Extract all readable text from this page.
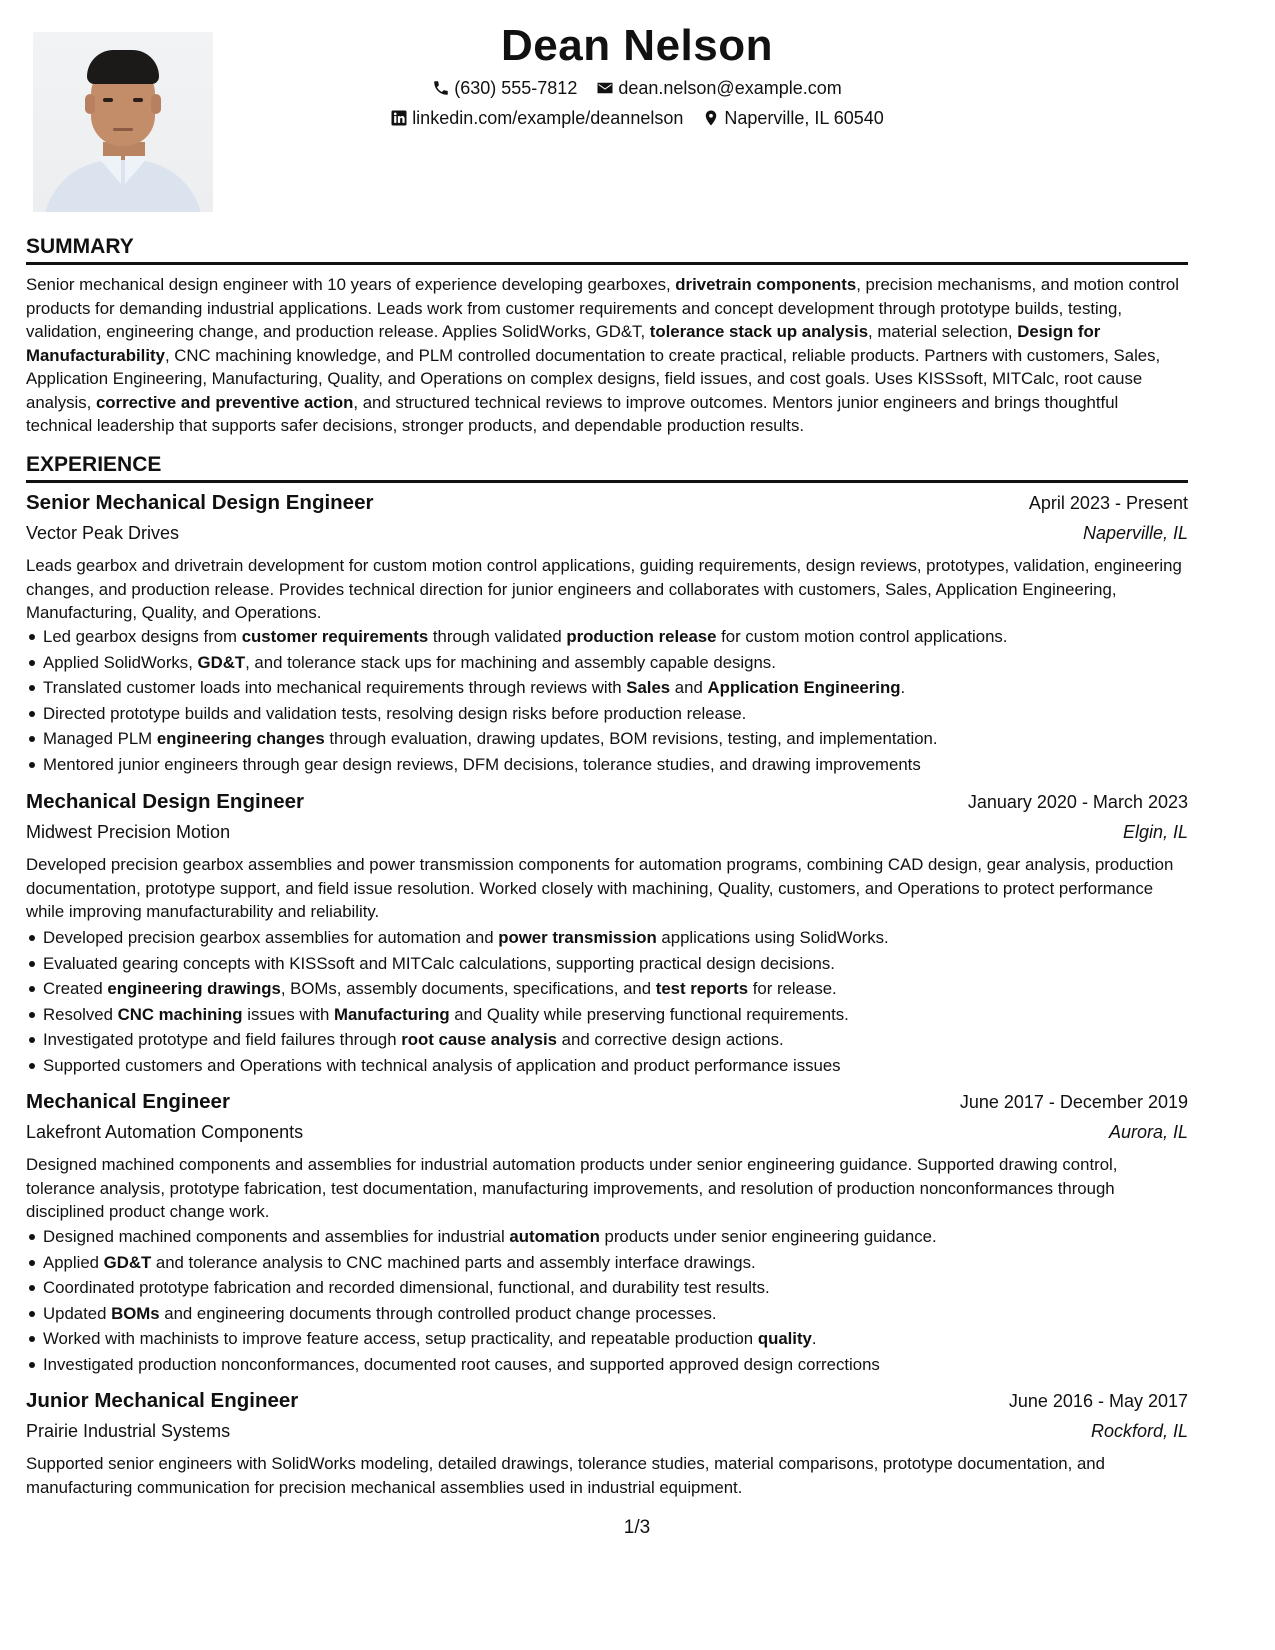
Dean Nelson
(630) 555-7812
dean.nelson@example.com
linkedin.com/example/deannelson
Naperville, IL 60540
SUMMARY

Senior mechanical design engineer with 10 years of experience developing gearboxes, drivetrain components, precision mechanisms, and motion control products for demanding industrial applications. Leads work from customer requirements and concept development through prototype builds, testing, validation, engineering change, and production release. Applies SolidWorks, GD&T, tolerance stack up analysis, material selection, Design for Manufacturability, CNC machining knowledge, and PLM controlled documentation to create practical, reliable products. Partners with customers, Sales, Application Engineering, Manufacturing, Quality, and Operations on complex designs, field issues, and cost goals. Uses KISSsoft, MITCalc, root cause analysis, corrective and preventive action, and structured technical reviews to improve outcomes. Mentors junior engineers and brings thoughtful technical leadership that supports safer decisions, stronger products, and dependable production results.

EXPERIENCE
Senior Mechanical Design Engineer	April 2023 - Present
Vector Peak Drives	Naperville, IL

Leads gearbox and drivetrain development for custom motion control applications, guiding requirements, design reviews, prototypes, validation, engineering changes, and production release. Provides technical direction for junior engineers and collaborates with customers, Sales, Application Engineering, Manufacturing, Quality, and Operations.

Led gearbox designs from customer requirements through validated production release for custom motion control applications.
Applied SolidWorks, GD&T, and tolerance stack ups for machining and assembly capable designs.
Translated customer loads into mechanical requirements through reviews with Sales and Application Engineering.
Directed prototype builds and validation tests, resolving design risks before production release.
Managed PLM engineering changes through evaluation, drawing updates, BOM revisions, testing, and implementation.
Mentored junior engineers through gear design reviews, DFM decisions, tolerance studies, and drawing improvements
Mechanical Design Engineer	January 2020 - March 2023
Midwest Precision Motion	Elgin, IL

Developed precision gearbox assemblies and power transmission components for automation programs, combining CAD design, gear analysis, production documentation, prototype support, and field issue resolution. Worked closely with machining, Quality, customers, and Operations to protect performance while improving manufacturability and reliability.

Developed precision gearbox assemblies for automation and power transmission applications using SolidWorks.
Evaluated gearing concepts with KISSsoft and MITCalc calculations, supporting practical design decisions.
Created engineering drawings, BOMs, assembly documents, specifications, and test reports for release.
Resolved CNC machining issues with Manufacturing and Quality while preserving functional requirements.
Investigated prototype and field failures through root cause analysis and corrective design actions.
Supported customers and Operations with technical analysis of application and product performance issues
Mechanical Engineer	June 2017 - December 2019
Lakefront Automation Components	Aurora, IL

Designed machined components and assemblies for industrial automation products under senior engineering guidance. Supported drawing control, tolerance analysis, prototype fabrication, test documentation, manufacturing improvements, and resolution of production nonconformances through disciplined product change work.

Designed machined components and assemblies for industrial automation products under senior engineering guidance.
Applied GD&T and tolerance analysis to CNC machined parts and assembly interface drawings.
Coordinated prototype fabrication and recorded dimensional, functional, and durability test results.
Updated BOMs and engineering documents through controlled product change processes.
Worked with machinists to improve feature access, setup practicality, and repeatable production quality.
Investigated production nonconformances, documented root causes, and supported approved design corrections
Junior Mechanical Engineer	June 2016 - May 2017
Prairie Industrial Systems	Rockford, IL

Supported senior engineers with SolidWorks modeling, detailed drawings, tolerance studies, material comparisons, prototype documentation, and manufacturing communication for precision mechanical assemblies used in industrial equipment.

1/3
